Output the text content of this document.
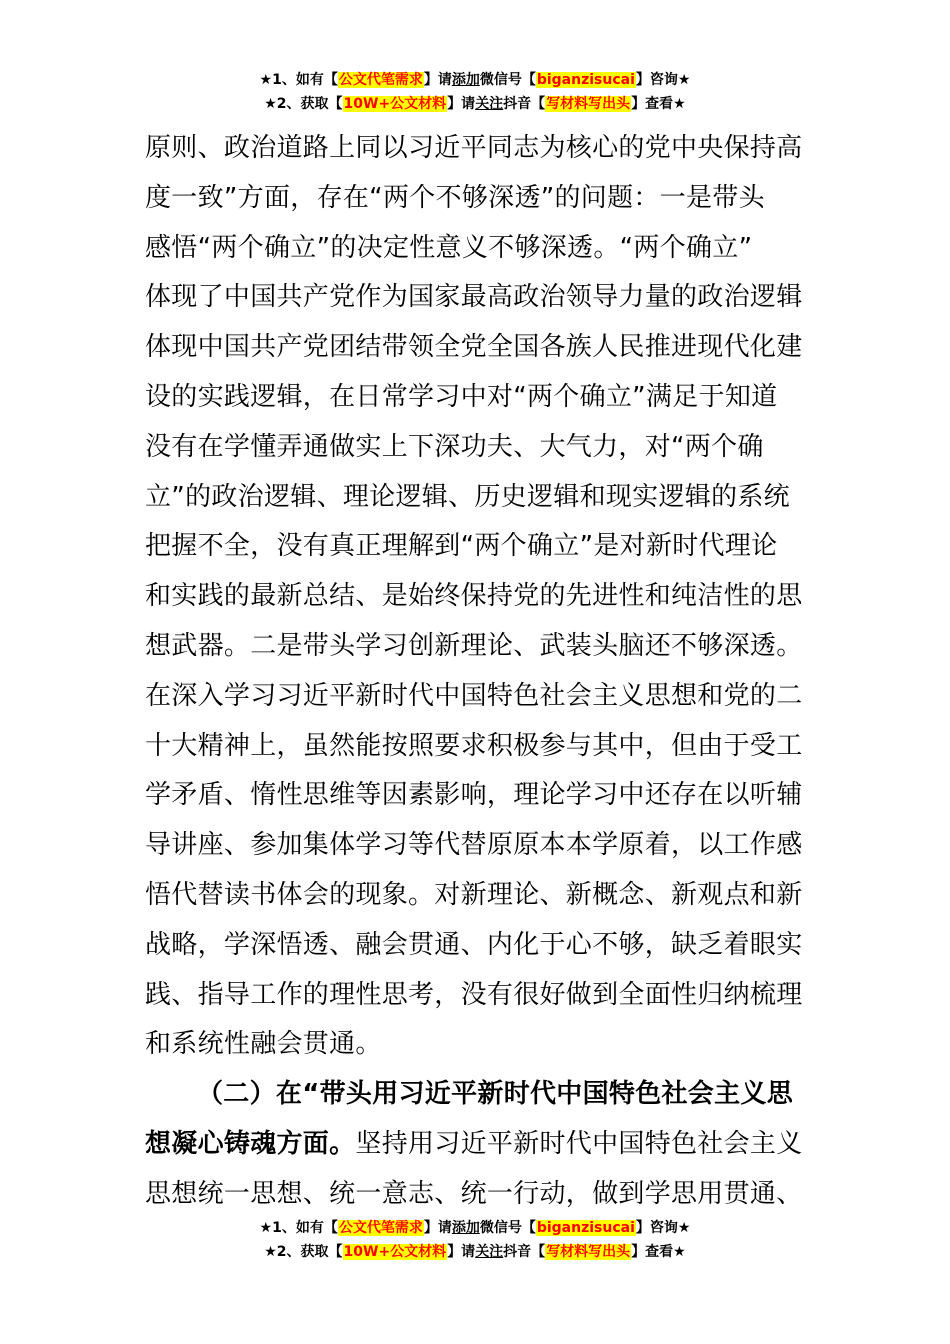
★1、如有【公文代笔需求】请添加微信号【biganzisucai】咨询★
★2、获取【10W+公文材料】请关注抖音【写材料写出头】查看★
原则、政治道路上同以习近平同志为核心的党中央保持高
度一致”方面，存在“两个不够深透”的问题：一是带头
感悟“两个确立”的决定性意义不够深透。“两个确立”
体现了中国共产党作为国家最高政治领导力量的政治逻辑
体现中国共产党团结带领全党全国各族人民推进现代化建
设的实践逻辑，在日常学习中对“两个确立”满足于知道
没有在学懂弄通做实上下深功夫、大气力，对“两个确
立”的政治逻辑、理论逻辑、历史逻辑和现实逻辑的系统
把握不全，没有真正理解到“两个确立”是对新时代理论
和实践的最新总结、是始终保持党的先进性和纯洁性的思
想武器。二是带头学习创新理论、武装头脑还不够深透。
在深入学习习近平新时代中国特色社会主义思想和党的二
十大精神上，虽然能按照要求积极参与其中，但由于受工
学矛盾、惰性思维等因素影响，理论学习中还存在以听辅
导讲座、参加集体学习等代替原原本本学原着，以工作感
悟代替读书体会的现象。对新理论、新概念、新观点和新
战略，学深悟透、融会贯通、内化于心不够，缺乏着眼实
践、指导工作的理性思考，没有很好做到全面性归纳梳理
和系统性融会贯通。
（二）在“带头用习近平新时代中国特色社会主义思
想凝心铸魂方面。坚持用习近平新时代中国特色社会主义
思想统一思想、统一意志、统一行动，做到学思用贯通、
★1、如有【公文代笔需求】请添加微信号【biganzisucai】咨询★
★2、获取【10W+公文材料】请关注抖音【写材料写出头】查看★
